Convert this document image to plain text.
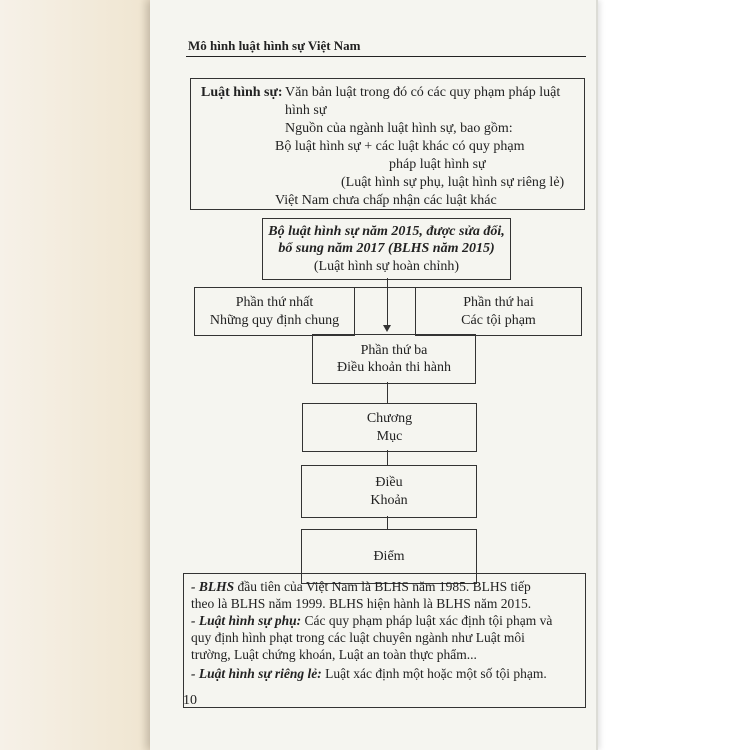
Mô hình luật hình sự Việt Nam
Luật hình sự: Văn bản luật trong đó có các quy phạm pháp luật
hình sự
Nguồn của ngành luật hình sự, bao gồm:
Bộ luật hình sự + các luật khác có quy phạm
pháp luật hình sự
(Luật hình sự phụ, luật hình sự riêng lẻ)
Việt Nam chưa chấp nhận các luật khác
Bộ luật hình sự năm 2015, được sửa đổi,
bổ sung năm 2017 (BLHS năm 2015)
(Luật hình sự hoàn chỉnh)
Phần thứ nhất
Những quy định chung
Phần thứ hai
Các tội phạm
Phần thứ ba
Điều khoản thi hành
Chương
Mục
Điều
Khoản
Điểm
- BLHS đầu tiên của Việt Nam là BLHS năm 1985. BLHS tiếp
theo là BLHS năm 1999. BLHS hiện hành là BLHS năm 2015.
- Luật hình sự phụ: Các quy phạm pháp luật xác định tội phạm và
quy định hình phạt trong các luật chuyên ngành như Luật môi
trường, Luật chứng khoán, Luật an toàn thực phẩm...
- Luật hình sự riêng lẻ: Luật xác định một hoặc một số tội phạm.
10
